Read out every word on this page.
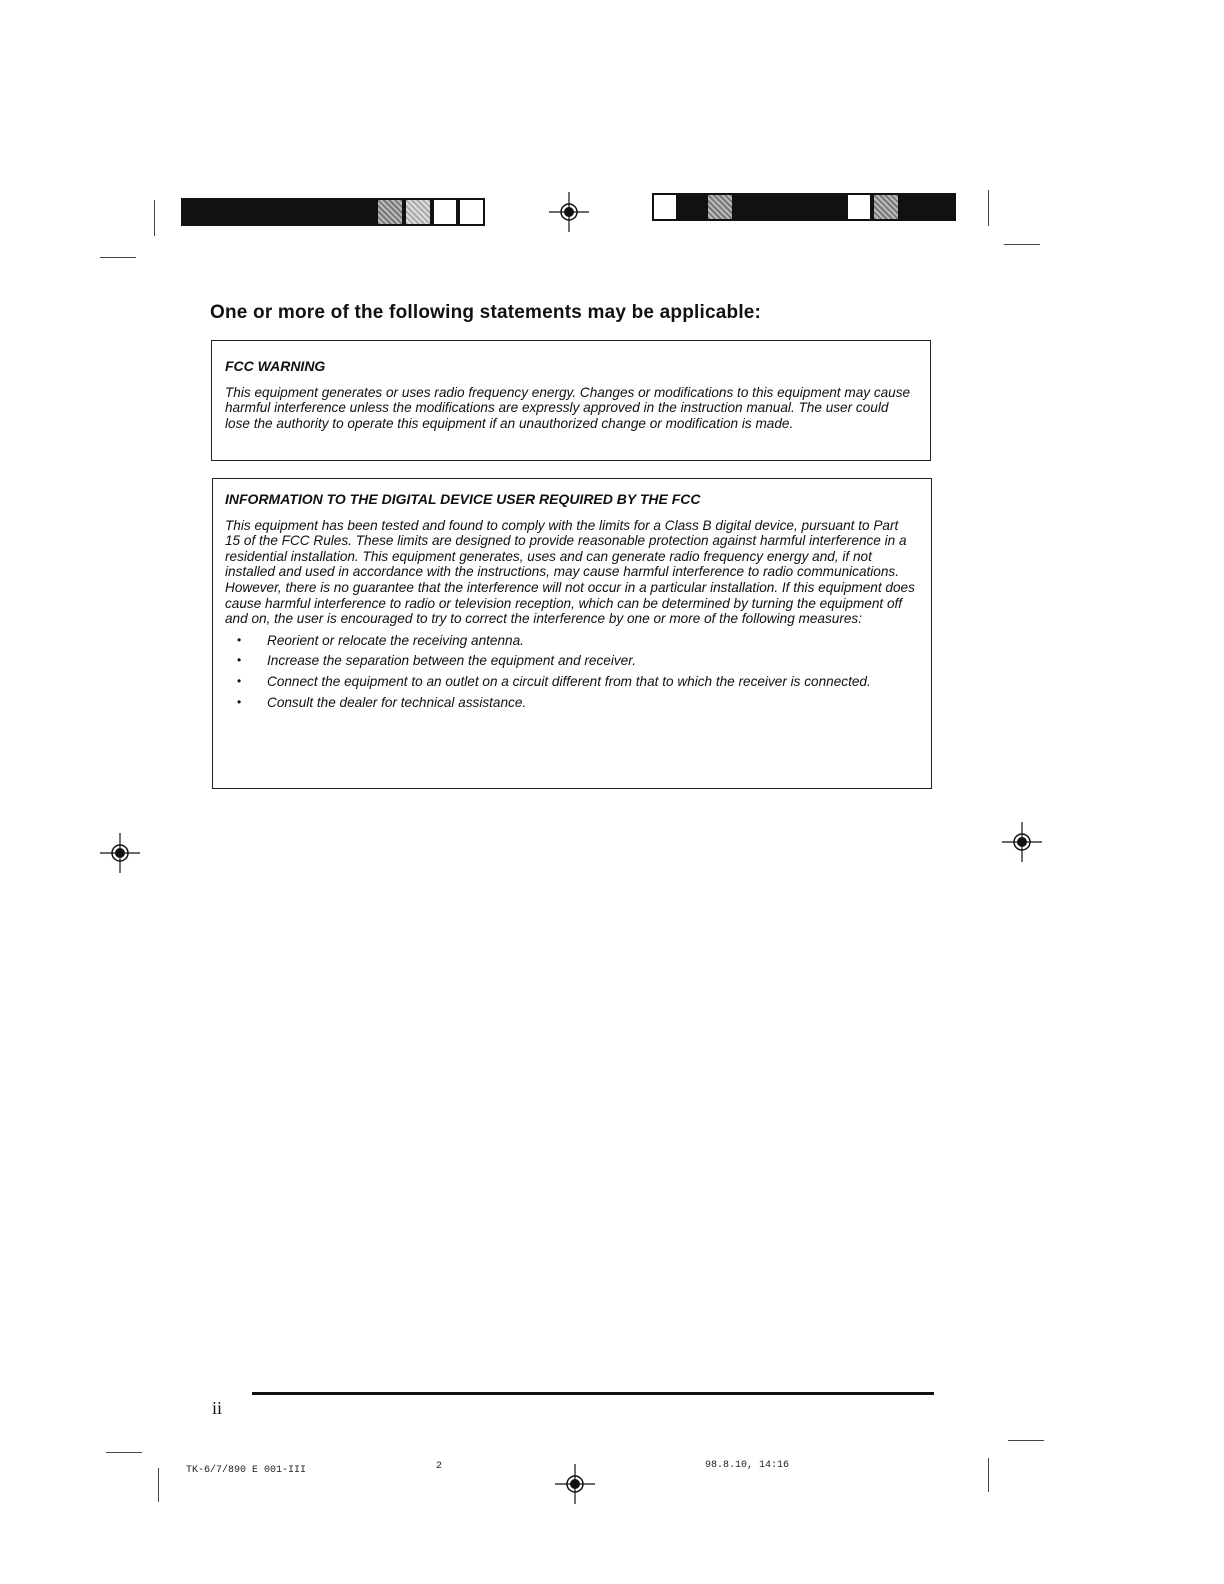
One or more of the following statements may be applicable:
FCC WARNING

This equipment generates or uses radio frequency energy. Changes or modifications to this equipment may cause harmful interference unless the modifications are expressly approved in the instruction manual. The user could lose the authority to operate this equipment if an unauthorized change or modification is made.

INFORMATION TO THE DIGITAL DEVICE USER REQUIRED BY THE FCC

This equipment has been tested and found to comply with the limits for a Class B digital device, pursuant to Part 15 of the FCC Rules. These limits are designed to provide reasonable protection against harmful interference in a residential installation. This equipment generates, uses and can generate radio frequency energy and, if not installed and used in accordance with the instructions, may cause harmful interference to radio communications. However, there is no guarantee that the interference will not occur in a particular installation. If this equipment does cause harmful interference to radio or television reception, which can be determined by turning the equipment off and on, the user is encouraged to try to correct the interference by one or more of the following measures:

• Reorient or relocate the receiving antenna.
• Increase the separation between the equipment and receiver.
• Connect the equipment to an outlet on a circuit different from that to which the receiver is connected.
• Consult the dealer for technical assistance.
ii
TK-6/7/890 E 001-III	2	98.8.10, 14:16
